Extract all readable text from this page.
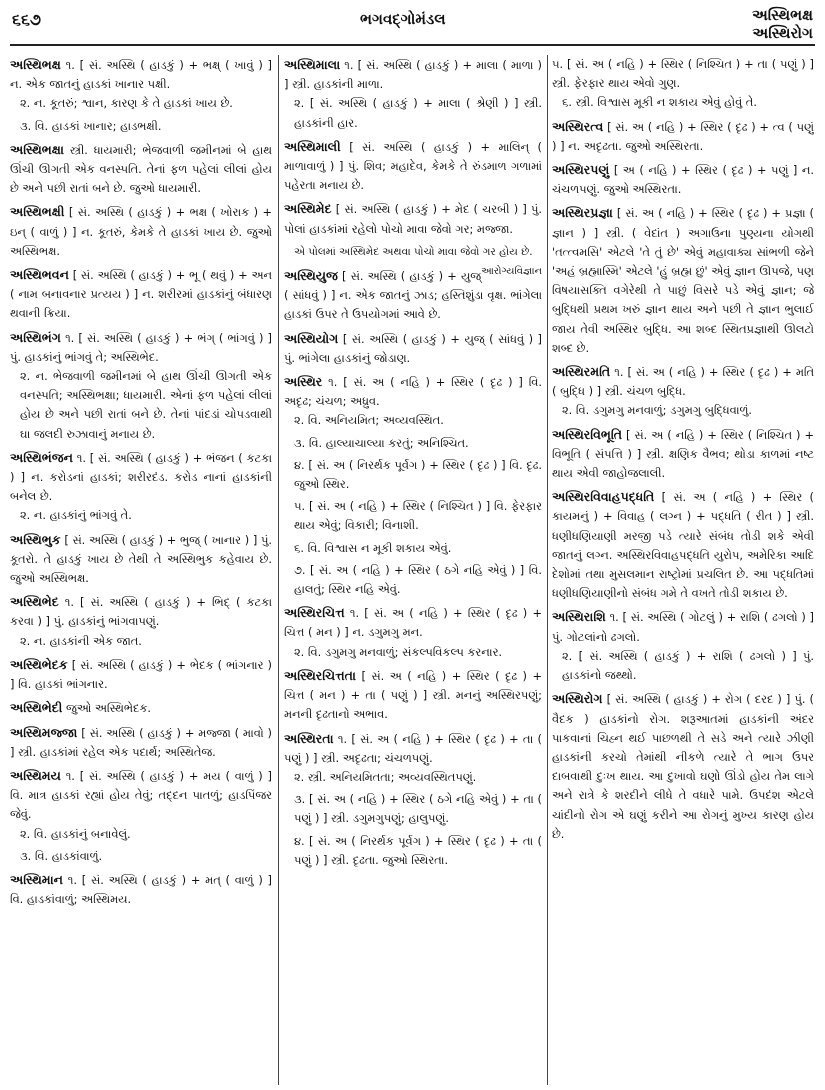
૬૬૭	ભગવદ્ગોમંડલ	અસ્થિભક્ષ
અસ્થિરોગ
અસ્થિભક્ષ ૧. [ સં. અસ્થિ ( હાડકું ) + ભક્ષ્ ( ખાવું ) ] ન. એક જાતનું હાડકાં ખાનાર પક્ષી.
૨. ન. કૂતરું; શ્વાન, કારણ કે તે હાડકાં ખાય છે.
૩. વિ. હાડકાં ખાનાર; હાડભક્ષી.
અસ્થિભક્ષા સ્ત્રી. ધાયમારી; ભેજવાળી જમીનમાં બે હાથ ઊંચી ઊગતી એક વનસ્પતિ. તેનાં ફળ પહેલાં લીલાં હોય છે અને પછી રાતાં બને છે. જુઓ ધાયમારી.
અસ્થિભક્ષી [ સં. અસ્થિ ( હાડકું ) + ભક્ષ ( ખોરાક ) + ઇન્ ( વાળું ) ] ન. કૂતરું, કેમકે તે હાડકાં ખાય છે. જુઓ અસ્થિભક્ષ.
અસ્થિભવન [ સં. અસ્થિ ( હાડકું ) + ભૂ ( થવું ) + અન ( નામ બનાવનાર પ્રત્યય ) ] ન. શરીરમાં હાડકાંનું બંધારણ થવાની ક્રિયા.
અસ્થિભંગ ૧. [ સં. અસ્થિ ( હાડકું ) + ભંગ્ ( ભાંગવું ) ] પું. હાડકાંનું ભાંગવું તે; અસ્થિભેદ.
૨. ન. ભેજવાળી જમીનમાં બે હાથ ઊંચી ઊગતી એક વનસ્પતિ; અસ્થિભક્ષા; ધાયમારી. એનાં ફળ પહેલાં લીલાં હોય છે અને પછી રાતાં બને છે. તેનાં પાંદડાં ચોપડવાથી ઘા જલદી રુઝાવાનું મનાય છે.
અસ્થિભંજન ૧. [ સં. અસ્થિ ( હાડકું ) + ભંજન ( કટકા ) ] ન. કરોડનાં હાડકાં; શરીરદંડ. કરોડ નાનાં હાડકાંની બનેલ છે.
૨. ન. હાડકાંનું ભાંગવું તે.
અસ્થિભુક [ સં. અસ્થિ ( હાડકું ) + ભુજ્ ( ખાનાર ) ] પું. કૂતરો. તે હાડકું ખાય છે તેથી તે અસ્થિભુક કહેવાય છે. જુઓ અસ્થિભક્ષ.
અસ્થિભેદ ૧. [ સં. અસ્થિ ( હાડકું ) + ભિદ્ ( કટકા કરવા ) ] પું. હાડકાંનું ભાંગવાપણું.
૨. ન. હાડકાંની એક જાત.
અસ્થિભેદક [ સં. અસ્થિ ( હાડકું ) + ભેદક ( ભાંગનાર ) ] વિ. હાડકાં ભાંગનાર.
અસ્થિભેદી જુઓ અસ્થિભેદક.
અસ્થિમજ્જા [ સં. અસ્થિ ( હાડકું ) + મજ્જા ( માવો ) ] સ્ત્રી. હાડકાંમાં રહેલ એક પદાર્થ; અસ્થિતેજ.
અસ્થિમય ૧. [ સં. અસ્થિ ( હાડકું ) + મય ( વાળું ) ] વિ. માત્ર હાડકાં રહ્યાં હોય તેવું; તદ્દન પાતળું; હાડપિંજર જેવું.
૨. વિ. હાડકાંનું બનાવેલું.
૩. વિ. હાડકાંવાળું.
અસ્થિમાન ૧. [ સં. અસ્થિ ( હાડકું ) + મત્ ( વાળું ) ] વિ. હાડકાંવાળું; અસ્થિમય.
અસ્થિમાલા ૧. [ સં. અસ્થિ ( હાડકું ) + માલા ( માળા ) ] સ્ત્રી. હાડકાંની માળા.
૨. [ સં. અસ્થિ ( હાડકું ) + માલા ( શ્રેણી ) ] સ્ત્રી. હાડકાંની હાર.
અસ્થિમાલી [ સં. અસ્થિ ( હાડકું ) + માલિન્ ( માળાવાળું ) ] પું. શિવ; મહાદેવ, કેમકે તે રુંડમાળ ગળામાં પહેરતા મનાય છે.
અસ્થિમેદ [ સં. અસ્થિ ( હાડકું ) + મેદ ( ચરબી ) ] પું. પોલાં હાડકાંમાં રહેલો પોચો માવા જેવો ગર; મજ્જા.
એ પોલમાં અસ્થિમેદ અથવા પોચો માવા જેવો ગર હોય છે.
આરોગ્યવિજ્ઞાન
અસ્થિયુજ [ સં. અસ્થિ ( હાડકું ) + યુજ્ ( સાંધવું ) ] ન. એક જાતનું ઝાડ; હસ્તિશુંડા વૃક્ષ. ભાંગેલા હાડકાં ઉપર તે ઉપયોગમાં આવે છે.
અસ્થિયોગ [ સં. અસ્થિ ( હાડકું ) + યુજ્ ( સાંધવું ) ] પું. ભાંગેલા હાડકાંનું જોડાણ.
અસ્થિર ૧. [ સં. અ ( નહિ ) + સ્થિર ( દૃઢ ) ] વિ. અદૃઢ; ચંચળ; અધ્રુવ.
૨. વિ. અનિયમિત; અવ્યવસ્થિત.
૩. વિ. હાલ્યાચાલ્યા કરતું; અનિશ્ચિત.
૪. [ સં. અ ( નિરર્થક પૂર્વગ ) + સ્થિર ( દૃઢ ) ] વિ. દૃઢ. જુઓ સ્થિર.
૫. [ સં. અ ( નહિ ) + સ્થિર ( નિશ્ચિત ) ] વિ. ફેરફાર થાય એવું; વિકારી; વિનાશી.
૬. વિ. વિશ્વાસ ન મૂકી શકાય એવું.
૭. [ સં. અ ( નહિ ) + સ્થિર ( ઠગે નહિ એવું ) ] વિ. હાલતું; સ્થિર નહિ એવું.
અસ્થિરચિત્ત ૧. [ સં. અ ( નહિ ) + સ્થિર ( દૃઢ ) + ચિત્ત ( મન ) ] ન. ડગુમગુ મન.
૨. વિ. ડગુમગુ મનવાળું; સંકલ્પવિકલ્પ કરનાર.
અસ્થિરચિત્તતા [ સં. અ ( નહિ ) + સ્થિર ( દૃઢ ) + ચિત્ત ( મન ) + તા ( પણું ) ] સ્ત્રી. મનનું અસ્થિરપણું; મનની દૃઢતાનો અભાવ.
અસ્થિરતા ૧. [ સં. અ ( નહિ ) + સ્થિર ( દૃઢ ) + તા ( પણું ) ] સ્ત્રી. અદૃઢતા; ચંચળપણું.
૨. સ્ત્રી. અનિયમિતતા; અવ્યવસ્થિતપણું.
૩. [ સં. અ ( નહિ ) + સ્થિર ( ઠગે નહિ એવું ) + તા ( પણું ) ] સ્ત્રી. ડગુમગુપણું; હાલુપણું.
૪. [ સં. અ ( નિરર્થક પૂર્વગ ) + સ્થિર ( દૃઢ ) + તા ( પણું ) ] સ્ત્રી. દૃઢતા. જુઓ સ્થિરતા.
૫. [ સં. અ ( નહિ ) + સ્થિર ( નિશ્ચિત ) + તા ( પણું ) ] સ્ત્રી. ફેરફાર થાય એવો ગુણ.
૬. સ્ત્રી. વિશ્વાસ મૂકી ન શકાય એવું હોવું તે.
અસ્થિરત્વ [ સં. અ ( નહિ ) + સ્થિર ( દૃઢ ) + ત્વ ( પણું ) ] ન. અદૃઢતા. જુઓ અસ્થિરતા.
અસ્થિરપણું [ અ ( નહિ ) + સ્થિર ( દૃઢ ) + પણું ] ન. ચંચળપણું. જુઓ અસ્થિરતા.
અસ્થિરપ્રજ્ઞા [ સં. અ ( નહિ ) + સ્થિર ( દૃઢ ) + પ્રજ્ઞા ( જ્ઞાન ) ] સ્ત્રી. ( વેદાંત ) અગાઉના પુણ્યના યોગથી 'તત્ત્વમસિ' એટલે 'તે તું છે' એવું મહાવાક્ય સાંભળી જેને 'અહં બ્રહ્માસ્મિ' એટલે 'હું બ્રહ્મ છું' એવું જ્ઞાન ઊપજે, પણ વિષયાસક્તિ વગેરેથી તે પાછું વિસરે પડે એવું જ્ઞાન; જે બુદ્ધિથી પ્રથમ ખરું જ્ઞાન થાય અને પછી તે જ્ઞાન ભુલાઈ જાય તેવી અસ્થિર બુદ્ધિ. આ શબ્દ સ્થિતપ્રજ્ઞાથી ઊલટો શબ્દ છે.
અસ્થિરમતિ ૧. [ સં. અ ( નહિ ) + સ્થિર ( દૃઢ ) + મતિ ( બુદ્ધિ ) ] સ્ત્રી. ચંચળ બુદ્ધિ.
૨. વિ. ડગુમગુ મનવાળું; ડગુમગુ બુદ્ધિવાળું.
અસ્થિરવિભૂતિ [ સં. અ ( નહિ ) + સ્થિર ( નિશ્ચિત ) + વિભૂતિ ( સંપત્તિ ) ] સ્ત્રી. ક્ષણિક વૈભવ; થોડા કાળમાં નષ્ટ થાય એવી જાહોજલાલી.
અસ્થિરવિવાહપદ્ધતિ [ સં. અ ( નહિ ) + સ્થિર ( કાયમનું ) + વિવાહ ( લગ્ન ) + પદ્ધતિ ( રીત ) ] સ્ત્રી. ધણીધણિયાણી મરજી પડે ત્યારે સંબંધ તોડી શકે એવી જાતનું લગ્ન. અસ્થિરવિવાહપદ્ધતિ યુરોપ, અમેરિકા આદિ દેશોમાં તથા મુસલમાન રાષ્ટ્રોમાં પ્રચલિત છે. આ પદ્ધતિમાં ધણીધણિયાણીનો સંબંધ ગમે તે વખતે તોડી શકાય છે.
અસ્થિરાશિ ૧. [ સં. અસ્થિ ( ગોટલું ) + રાશિ ( ઢગલો ) ] પું. ગોટલાંનો ઢગલો.
૨. [ સં. અસ્થિ ( હાડકું ) + રાશિ ( ઢગલો ) ] પું. હાડકાંનો જથ્થો.
અસ્થિરોગ [ સં. અસ્થિ ( હાડકું ) + રોગ ( દરદ ) ] પું. ( વૈદક ) હાડકાંનો રોગ. શરૂઆતમાં હાડકાંની અંદર પાકવાનાં ચિહ્ન થઈ પાછળથી તે સડે અને ત્યારે ઝીણી હાડકાંની કરચો તેમાંથી નીકળે ત્યારે તે ભાગ ઉપર દાબવાથી દુઃખ થાય. આ દુખાવો ઘણો ઊંડો હોય તેમ લાગે અને રાત્રે કે શરદીને લીધે તે વધારે પામે. ઉપદંશ એટલે ચાંદીનો રોગ એ ઘણું કરીને આ રોગનું મુખ્ય કારણ હોય છે.
